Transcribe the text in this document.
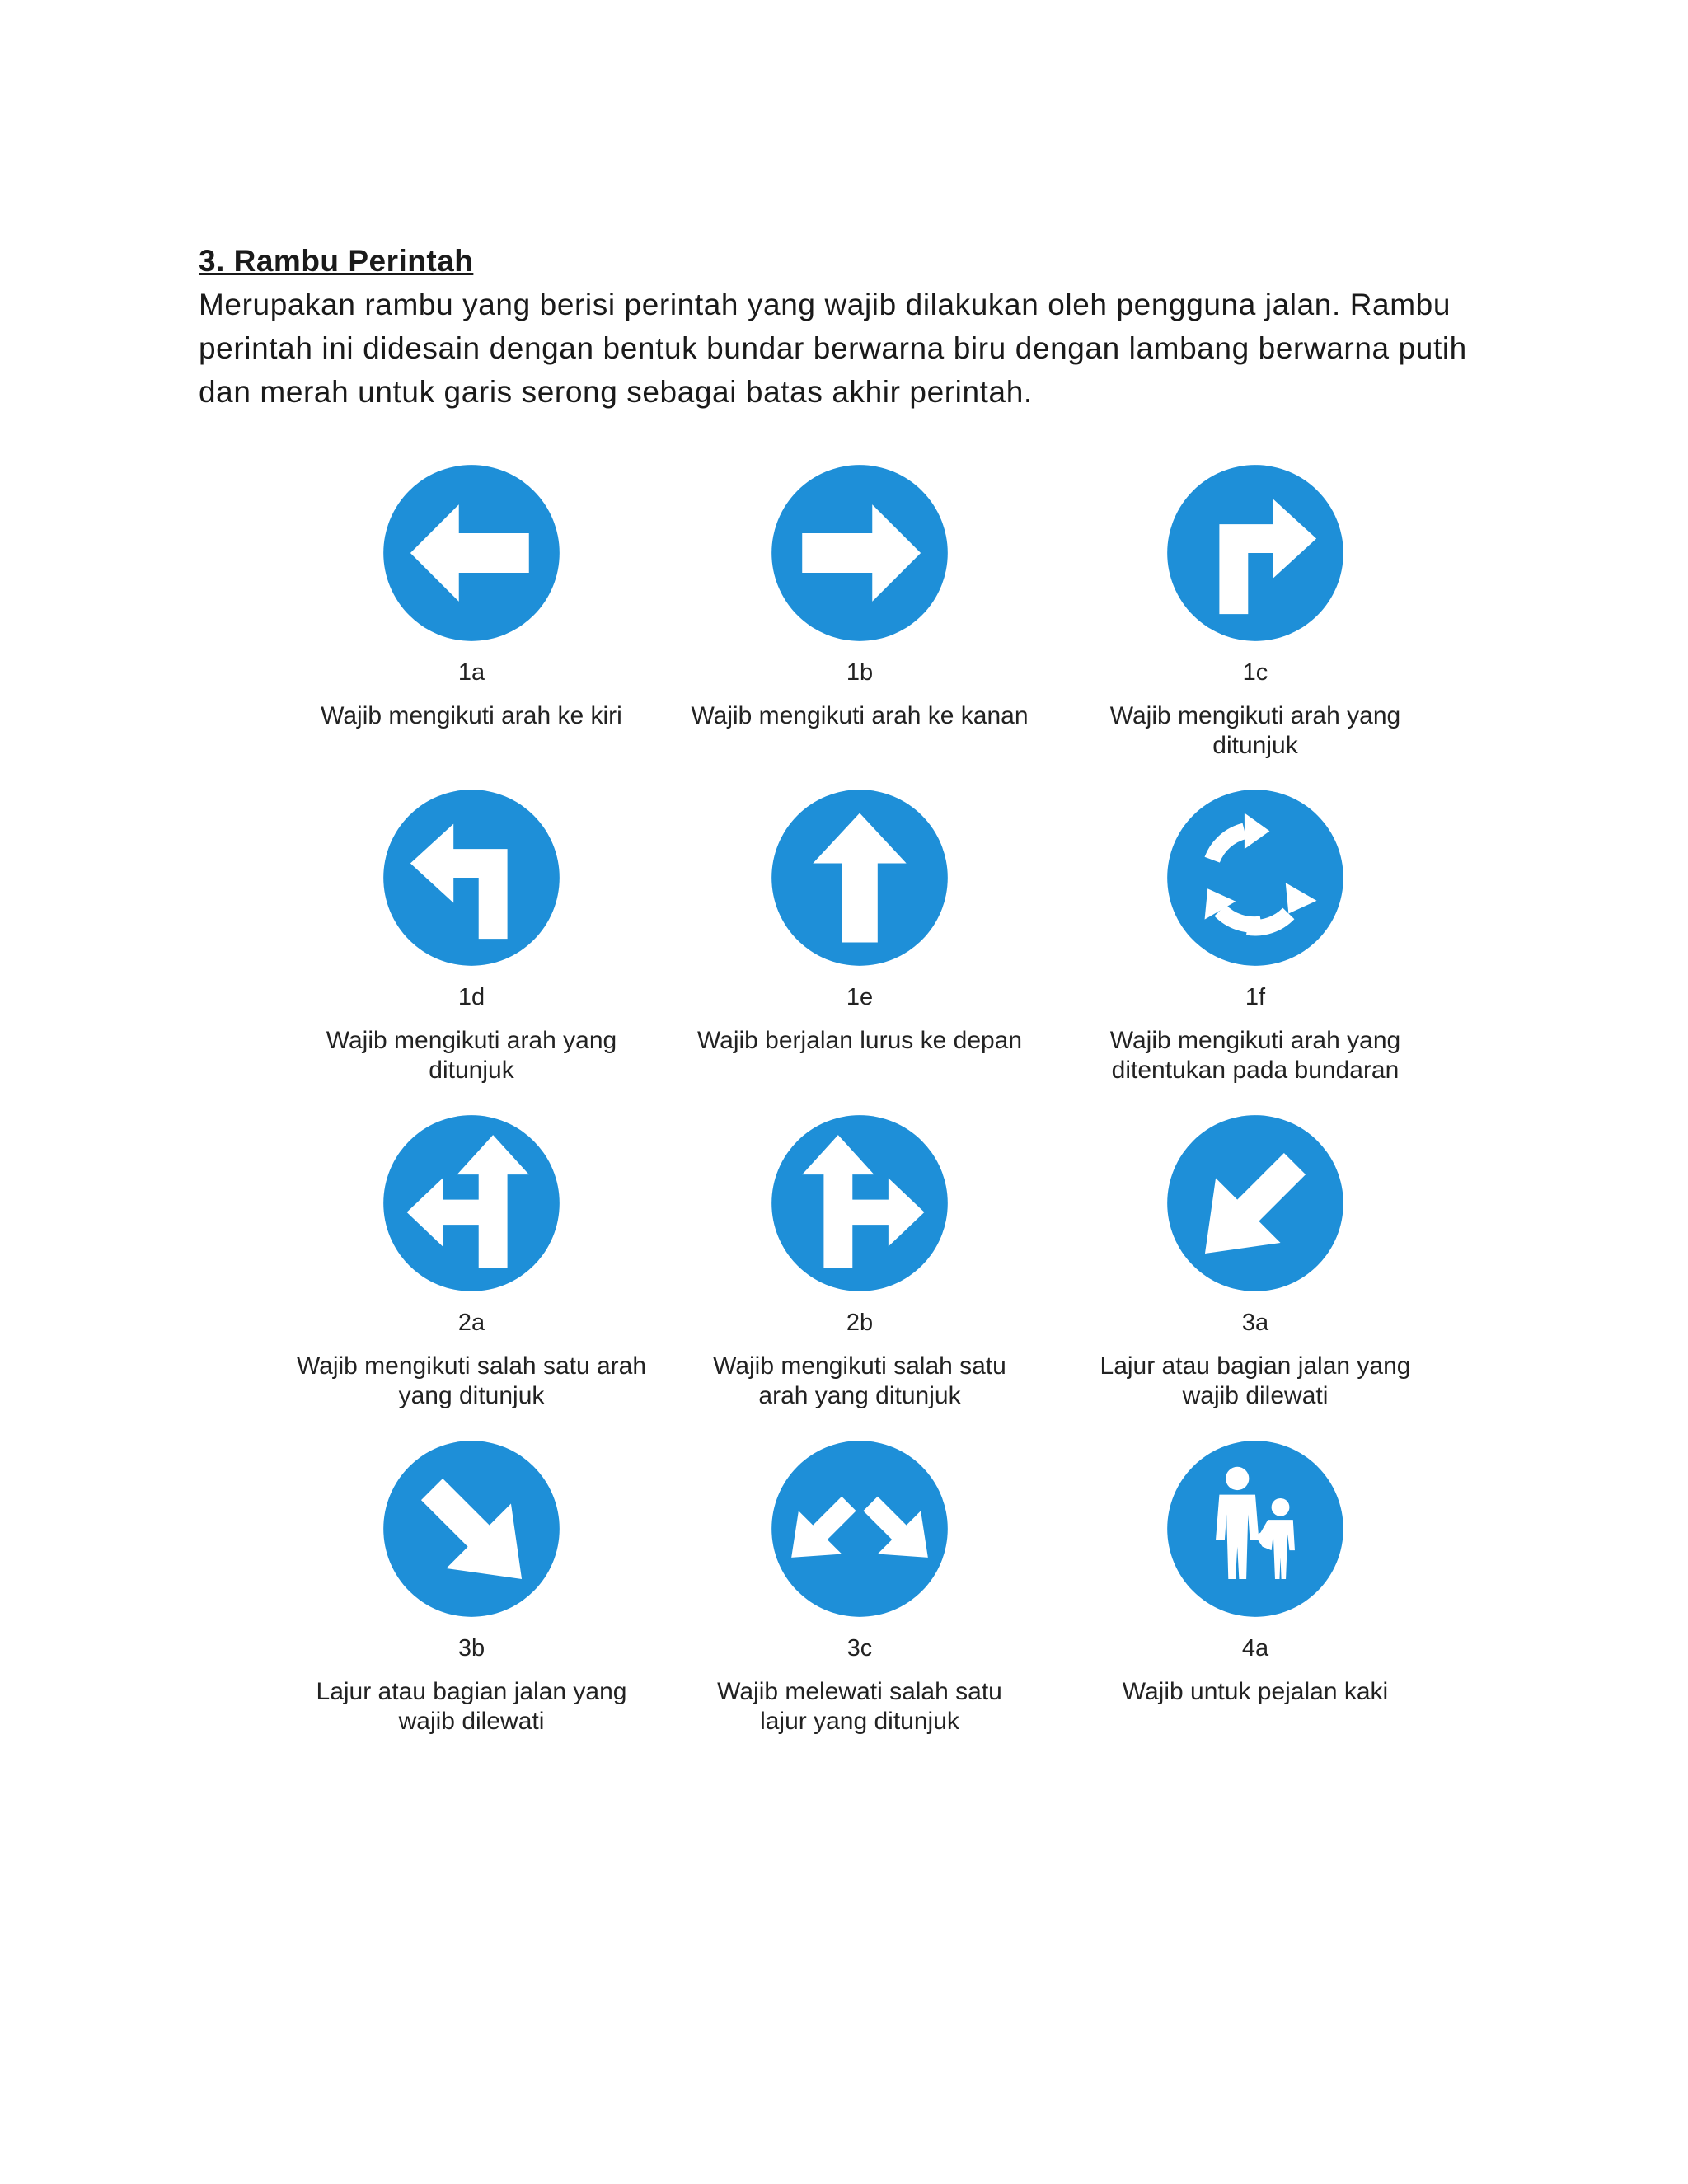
3. Rambu Perintah

Merupakan rambu yang berisi perintah yang wajib dilakukan oleh pengguna jalan. Rambu

perintah ini didesain dengan bentuk bundar berwarna biru dengan lambang berwarna putih

dan merah untuk garis serong sebagai batas akhir perintah.

1a
Wajib mengikuti arah ke kiri
1b
Wajib mengikuti arah ke kanan
1c
Wajib mengikuti arah yang
ditunjuk
1d
Wajib mengikuti arah yang
ditunjuk
1e
Wajib berjalan lurus ke depan
1f
Wajib mengikuti arah yang
ditentukan pada bundaran
2a
Wajib mengikuti salah satu arah
yang ditunjuk
2b
Wajib mengikuti salah satu
arah yang ditunjuk
3a
Lajur atau bagian jalan yang
wajib dilewati
3b
Lajur atau bagian jalan yang
wajib dilewati
3c
Wajib melewati salah satu
lajur yang ditunjuk
4a
Wajib untuk pejalan kaki
